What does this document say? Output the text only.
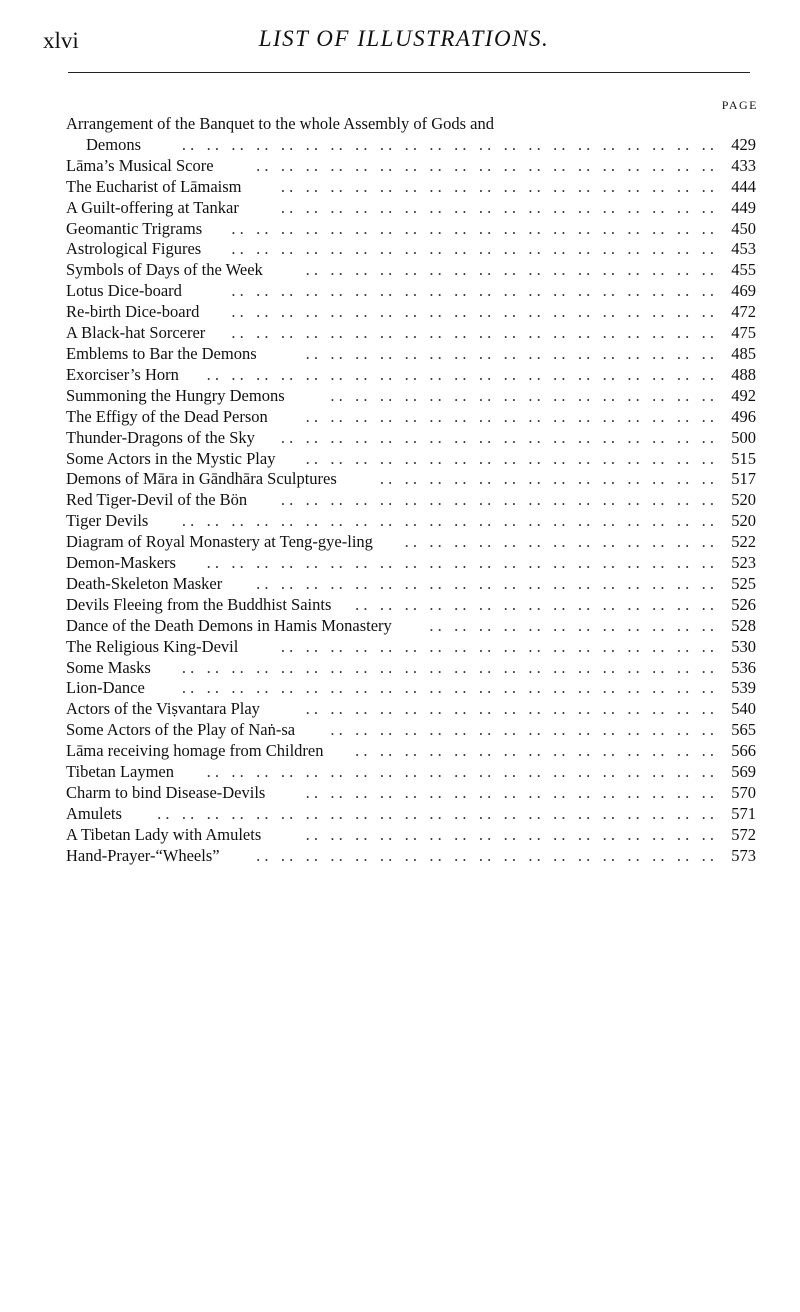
xlvi	LIST OF ILLUSTRATIONS.
PAGE
Arrangement of the Banquet to the whole Assembly of Gods and
Demons	. .   . .   . .   . .   . .   . .   . .   . .   . .   . .   . .   . .   . .   . .   . .   . .   . .   . .   . .   . .   . .   . . 429
Lāma’s Musical Score	. .   . .   . .   . .   . .   . .   . .   . .   . .   . .   . .   . .   . .   . .   . .   . .   . .   . .   . . 433
The Eucharist of Lāmaism	. .   . .   . .   . .   . .   . .   . .   . .   . .   . .   . .   . .   . .   . .   . .   . .   . .   . . 444
A Guilt-offering at Tankar	. .   . .   . .   . .   . .   . .   . .   . .   . .   . .   . .   . .   . .   . .   . .   . .   . .   . . 449
Geomantic Trigrams	. .   . .   . .   . .   . .   . .   . .   . .   . .   . .   . .   . .   . .   . .   . .   . .   . .   . .   . .   . . 450
Astrological Figures	. .   . .   . .   . .   . .   . .   . .   . .   . .   . .   . .   . .   . .   . .   . .   . .   . .   . .   . .   . . 453
Symbols of Days of the Week	. .   . .   . .   . .   . .   . .   . .   . .   . .   . .   . .   . .   . .   . .   . .   . .   . . 455
Lotus Dice-board	. .   . .   . .   . .   . .   . .   . .   . .   . .   . .   . .   . .   . .   . .   . .   . .   . .   . .   . .   . . 469
Re-birth Dice-board	. .   . .   . .   . .   . .   . .   . .   . .   . .   . .   . .   . .   . .   . .   . .   . .   . .   . .   . .   . . 472
A Black-hat Sorcerer	. .   . .   . .   . .   . .   . .   . .   . .   . .   . .   . .   . .   . .   . .   . .   . .   . .   . .   . .   . . 475
Emblems to Bar the Demons	. .   . .   . .   . .   . .   . .   . .   . .   . .   . .   . .   . .   . .   . .   . .   . .   . . 485
Exorciser’s Horn	. .   . .   . .   . .   . .   . .   . .   . .   . .   . .   . .   . .   . .   . .   . .   . .   . .   . .   . .   . .   . . 488
Summoning the Hungry Demons	. .   . .   . .   . .   . .   . .   . .   . .   . .   . .   . .   . .   . .   . .   . .   . . 492
The Effigy of the Dead Person	. .   . .   . .   . .   . .   . .   . .   . .   . .   . .   . .   . .   . .   . .   . .   . .   . . 496
Thunder-Dragons of the Sky	. .   . .   . .   . .   . .   . .   . .   . .   . .   . .   . .   . .   . .   . .   . .   . .   . .   . . 500
Some Actors in the Mystic Play	. .   . .   . .   . .   . .   . .   . .   . .   . .   . .   . .   . .   . .   . .   . .   . .   . . 515
Demons of Māra in Gāndhāra Sculptures	. .   . .   . .   . .   . .   . .   . .   . .   . .   . .   . .   . .   . .   . . 517
Red Tiger-Devil of the Bön	. .   . .   . .   . .   . .   . .   . .   . .   . .   . .   . .   . .   . .   . .   . .   . .   . .   . . 520
Tiger Devils	. .   . .   . .   . .   . .   . .   . .   . .   . .   . .   . .   . .   . .   . .   . .   . .   . .   . .   . .   . .   . .   . . 520
Diagram of Royal Monastery at Teng-gye-ling	. .   . .   . .   . .   . .   . .   . .   . .   . .   . .   . .   . .   . . 522
Demon-Maskers	. .   . .   . .   . .   . .   . .   . .   . .   . .   . .   . .   . .   . .   . .   . .   . .   . .   . .   . .   . .   . . 523
Death-Skeleton Masker	. .   . .   . .   . .   . .   . .   . .   . .   . .   . .   . .   . .   . .   . .   . .   . .   . .   . .   . . 525
Devils Fleeing from the Buddhist Saints	. .   . .   . .   . .   . .   . .   . .   . .   . .   . .   . .   . .   . .   . .   . . 526
Dance of the Death Demons in Hamis Monastery	. .   . .   . .   . .   . .   . .   . .   . .   . .   . .   . .   . . 528
The Religious King-Devil	. .   . .   . .   . .   . .   . .   . .   . .   . .   . .   . .   . .   . .   . .   . .   . .   . .   . . 530
Some Masks	. .   . .   . .   . .   . .   . .   . .   . .   . .   . .   . .   . .   . .   . .   . .   . .   . .   . .   . .   . .   . .   . . 536
Lion-Dance	. .   . .   . .   . .   . .   . .   . .   . .   . .   . .   . .   . .   . .   . .   . .   . .   . .   . .   . .   . .   . .   . . 539
Actors of the Viṣvantara Play	. .   . .   . .   . .   . .   . .   . .   . .   . .   . .   . .   . .   . .   . .   . .   . .   . . 540
Some Actors of the Play of Naṅ-sa	. .   . .   . .   . .   . .   . .   . .   . .   . .   . .   . .   . .   . .   . .   . .   . . 565
Lāma receiving homage from Children	. .   . .   . .   . .   . .   . .   . .   . .   . .   . .   . .   . .   . .   . .   . . 566
Tibetan Laymen	. .   . .   . .   . .   . .   . .   . .   . .   . .   . .   . .   . .   . .   . .   . .   . .   . .   . .   . .   . .   . . 569
Charm to bind Disease-Devils	. .   . .   . .   . .   . .   . .   . .   . .   . .   . .   . .   . .   . .   . .   . .   . .   . . 570
Amulets	. .   . .   . .   . .   . .   . .   . .   . .   . .   . .   . .   . .   . .   . .   . .   . .   . .   . .   . .   . .   . .   . .   . . 571
A Tibetan Lady with Amulets	. .   . .   . .   . .   . .   . .   . .   . .   . .   . .   . .   . .   . .   . .   . .   . .   . . 572
Hand-Prayer-“Wheels”	. .   . .   . .   . .   . .   . .   . .   . .   . .   . .   . .   . .   . .   . .   . .   . .   . .   . .   . . 573
